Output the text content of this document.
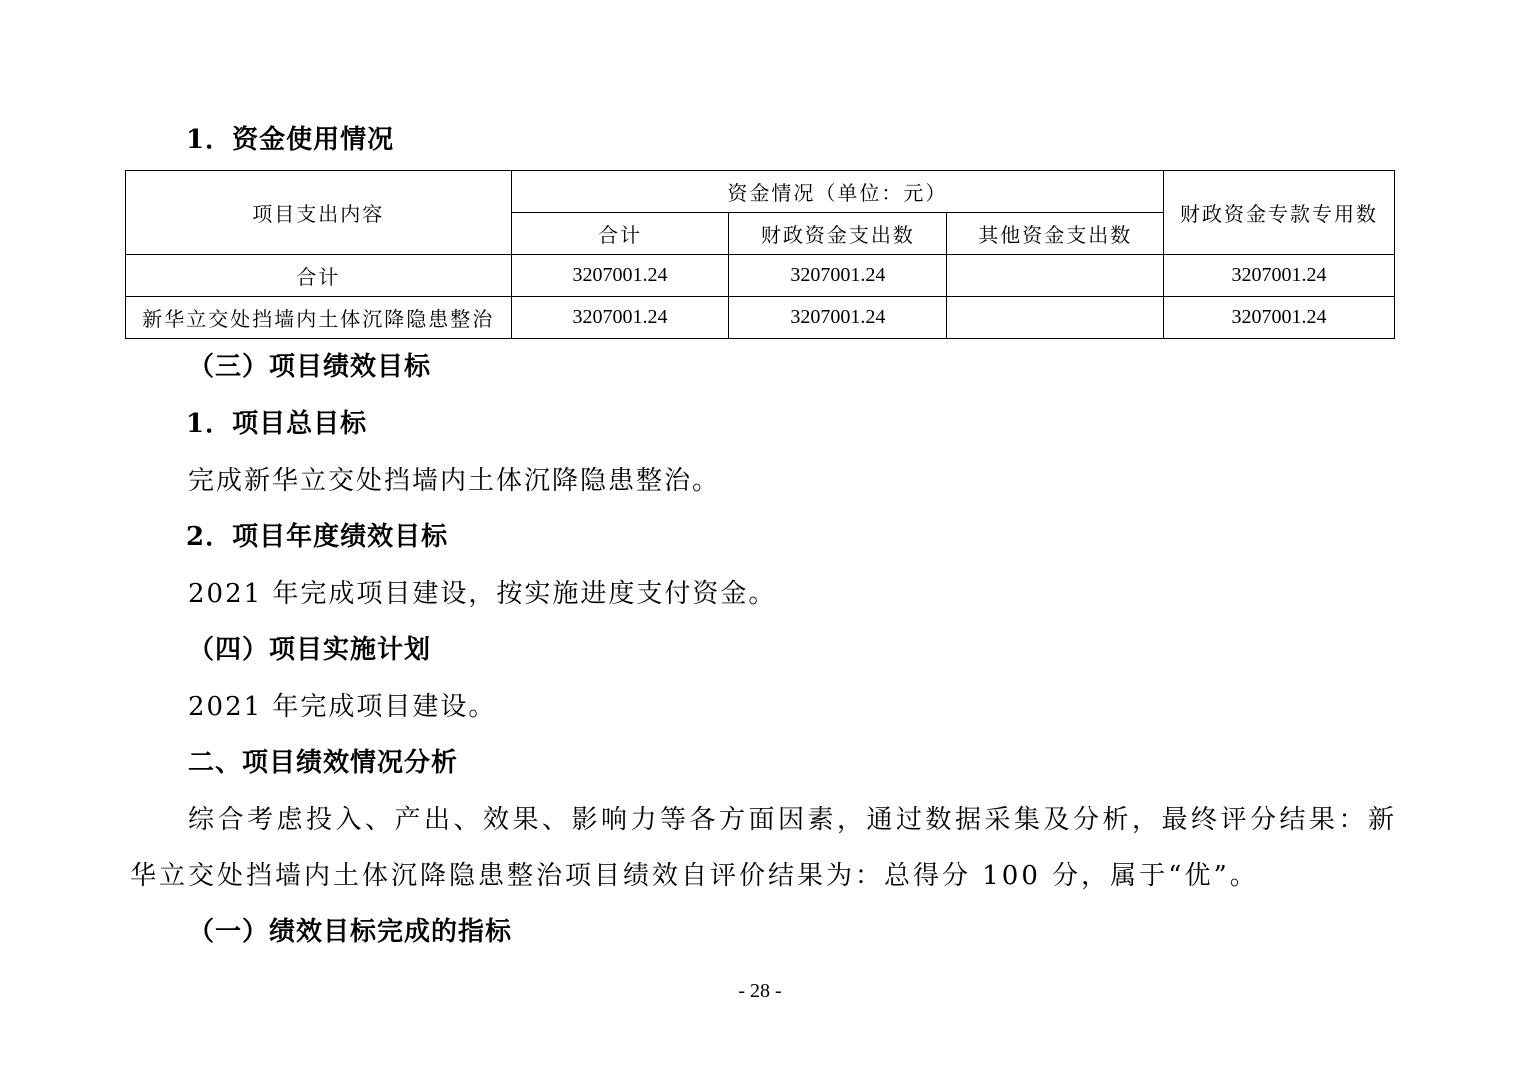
1．资金使用情况
项目支出内容	资金情况（单位：元）			财政资金专款专用数
	合计	财政资金支出数	其他资金支出数	
合计	3207001.24	3207001.24		3207001.24
新华立交处挡墙内土体沉降隐患整治	3207001.24	3207001.24		3207001.24
（三）项目绩效目标
1．项目总目标
完成新华立交处挡墙内土体沉降隐患整治。
2．项目年度绩效目标
2021 年完成项目建设，按实施进度支付资金。
（四）项目实施计划
2021 年完成项目建设。
二、项目绩效情况分析
综合考虑投入、产出、效果、影响力等各方面因素，通过数据采集及分析，最终评分结果：新
华立交处挡墙内土体沉降隐患整治项目绩效自评价结果为：总得分 100 分，属于“优”。
（一）绩效目标完成的指标
- 28 -
